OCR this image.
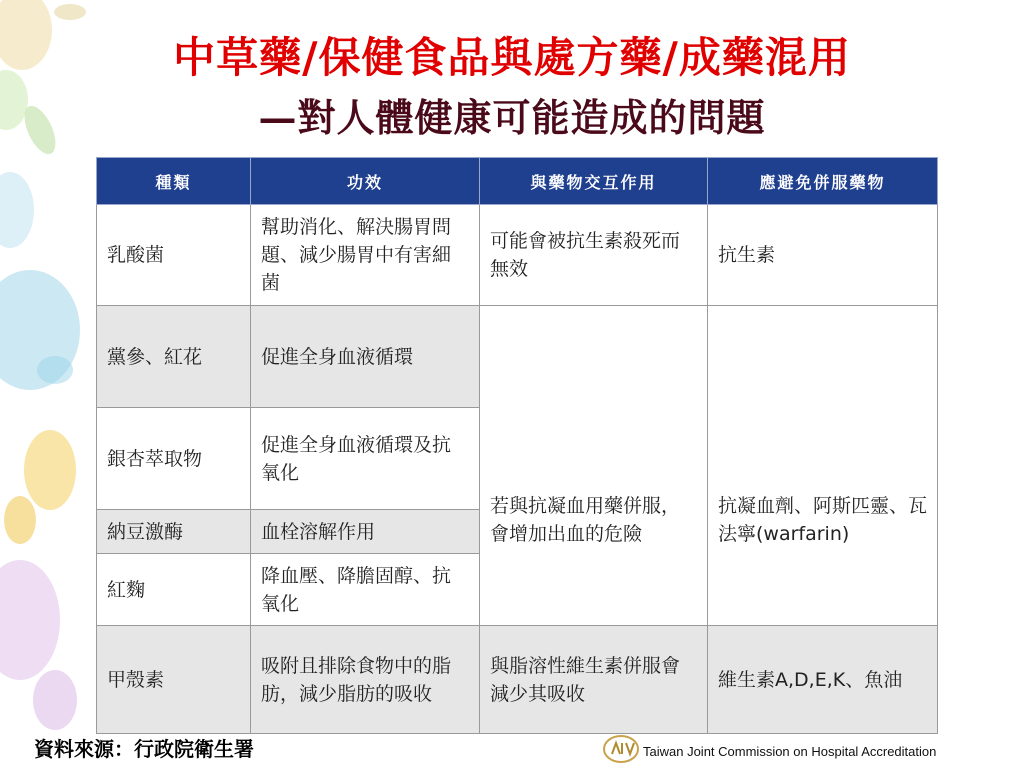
中草藥/保健食品與處方藥/成藥混用
—對人體健康可能造成的問題
種類	功效	與藥物交互作用	應避免併服藥物
乳酸菌	幫助消化、解決腸胃問題、減少腸胃中有害細菌	可能會被抗生素殺死而無效	抗生素
黨參、紅花	促進全身血液循環	若與抗凝血用藥併服，會增加出血的危險	抗凝血劑、阿斯匹靈、瓦法寧(warfarin)

銀杏萃取物	促進全身血液循環及抗氧化		
納豆激酶	血栓溶解作用		
紅麴	降血壓、降膽固醇、抗氧化		
甲殼素	吸附且排除食物中的脂肪，減少脂肪的吸收	與脂溶性維生素併服會減少其吸收	維生素A,D,E,K、魚油
資料來源：行政院衛生署	Taiwan Joint Commission on Hospital Accreditation
